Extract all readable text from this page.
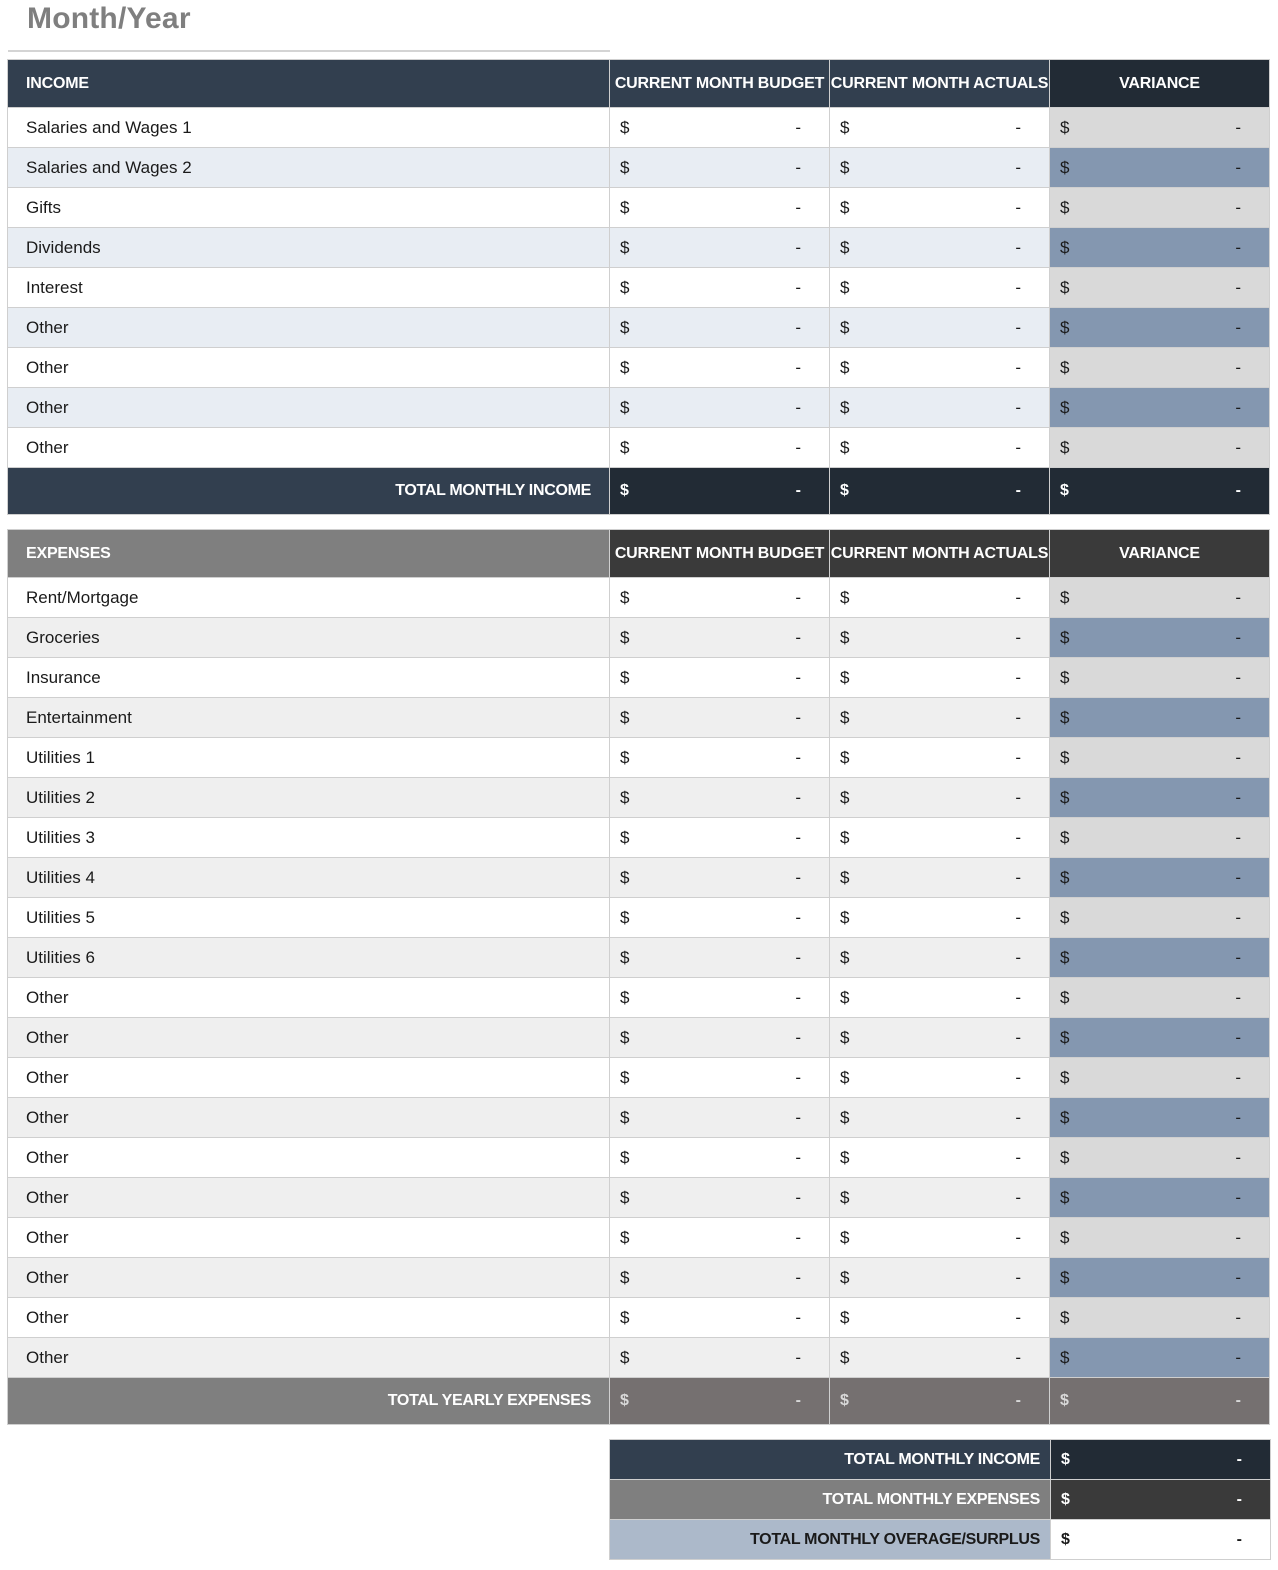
Month/Year
INCOME	CURRENT MONTH BUDGET	CURRENT MONTH ACTUALS	VARIANCE
Salaries and Wages 1	$ -	$ -	$ -

Salaries and Wages 2	$ -	$ -	$ -

Gifts	$ -	$ -	$ -

Dividends	$ -	$ -	$ -

Interest	$ -	$ -	$ -

Other	$ -	$ -	$ -

Other	$ -	$ -	$ -

Other	$ -	$ -	$ -

Other	$ -	$ -	$ -

TOTAL MONTHLY INCOME	$ -	$ -	$ -
EXPENSES	CURRENT MONTH BUDGET	CURRENT MONTH ACTUALS	VARIANCE
Rent/Mortgage	$ -	$ -	$ -

Groceries	$ -	$ -	$ -

Insurance	$ -	$ -	$ -

Entertainment	$ -	$ -	$ -

Utilities 1	$ -	$ -	$ -

Utilities 2	$ -	$ -	$ -

Utilities 3	$ -	$ -	$ -

Utilities 4	$ -	$ -	$ -

Utilities 5	$ -	$ -	$ -

Utilities 6	$ -	$ -	$ -

Other	$ -	$ -	$ -

Other	$ -	$ -	$ -

Other	$ -	$ -	$ -

Other	$ -	$ -	$ -

Other	$ -	$ -	$ -

Other	$ -	$ -	$ -

Other	$ -	$ -	$ -

Other	$ -	$ -	$ -

Other	$ -	$ -	$ -

Other	$ -	$ -	$ -

TOTAL YEARLY EXPENSES	$ -	$ -	$ -
TOTAL MONTHLY INCOME	$ -

TOTAL MONTHLY EXPENSES	$ -

TOTAL MONTHLY OVERAGE/SURPLUS	$ -
